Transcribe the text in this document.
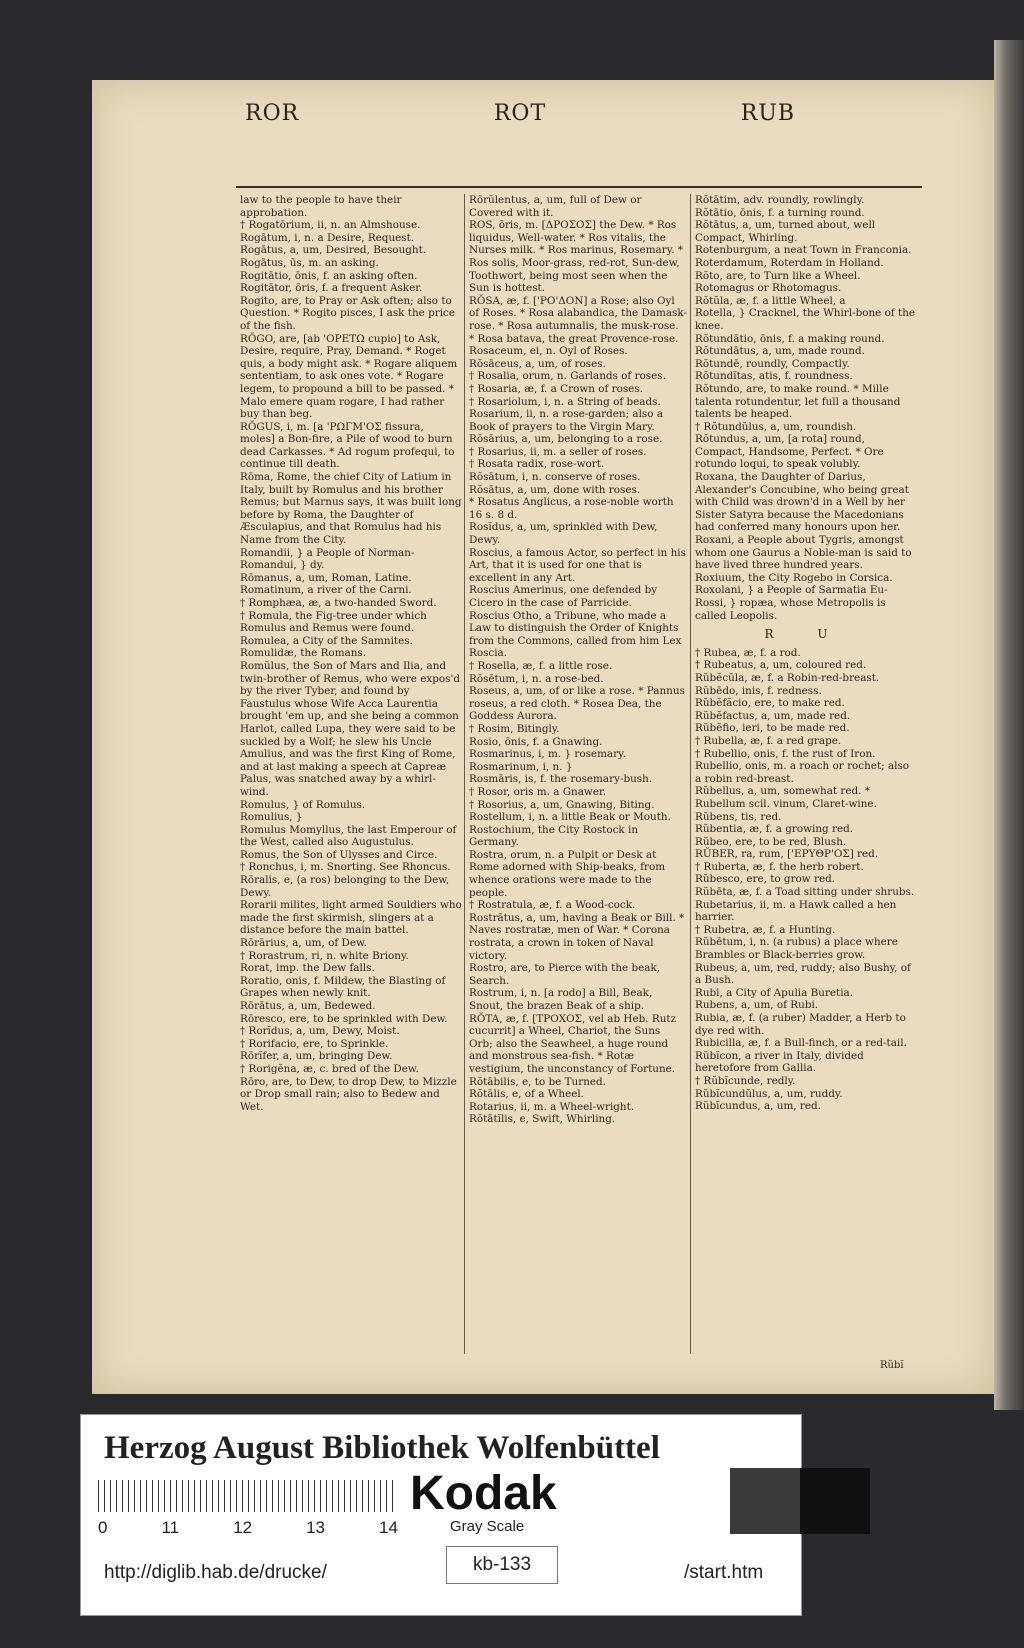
ROR	ROT	RUB

law to the people to have their approbation.

† Rogatōrium, ii, n. an Almshouse.

Rogātum, i, n. a Desire, Request.

Rogātus, a, um, Desired, Besought.

Rogātus, ūs, m. an asking.

Rogitātio, ōnis, f. an asking often.

Rogitātor, ōris, f. a frequent Asker.

Rogito, are, to Pray or Ask often; also to Question. * Rogito pisces, I ask the price of the fish.

RŎGO, are, [ab 'OPETΩ cupio] to Ask, Desire, require, Pray, Demand. * Roget quis, a body might ask. * Rogare aliquem sententiam, to ask ones vote. * Rogare legem, to propound a bill to be passed. * Malo emere quam rogare, I had rather buy than beg.

RŎGUS, i, m. [a 'PΩΓΜ'ΟΣ fissura, moles] a Bon-fire, a Pile of wood to burn dead Carkasses. * Ad rogum profequi, to continue till death.

Rōma, Rome, the chief City of Latium in Italy, built by Romulus and his brother Remus; but Marnus says, it was built long before by Roma, the Daughter of Æsculapius, and that Romulus had his Name from the City.

Romandii, } a People of Norman-

Romandui, } dy.

Rōmanus, a, um, Roman, Latine.

Romatinum, a river of the Carni.

† Romphæa, æ, a two-handed Sword.

† Romula, the Fig-tree under which Romulus and Remus were found.

Romulea, a City of the Samnites.

Romulidæ, the Romans.

Romŭlus, the Son of Mars and Ilia, and twin-brother of Remus, who were expos'd by the river Tyber, and found by Faustulus whose Wife Acca Laurentia brought 'em up, and she being a common Harlot, called Lupa, they were said to be suckled by a Wolf; he slew his Uncle Amulius, and was the first King of Rome, and at last making a speech at Capreæ Palus, was snatched away by a whirl-wind.

Romulus, } of Romulus.

Romulius, }

Romulus Momyllus, the last Emperour of the West, called also Augustulus.

Romus, the Son of Ulysses and Circe.

† Ronchus, i, m. Snorting. See Rhoncus.

Rōralis, e, (a ros) belonging to the Dew, Dewy.

Rorarii milites, light armed Souldiers who made the first skirmish, slingers at a distance before the main battel.

Rōrārius, a, um, of Dew.

† Rorastrum, ri, n. white Briony.

Rorat, imp. the Dew falls.

Roratio, onis, f. Mildew, the Blasting of Grapes when newly knit.

Rōrātus, a, um, Bedewed.

Rōresco, ere, to be sprinkled with Dew.

† Rorĭdus, a, um, Dewy, Moist.

† Rorifacio, ere, to Sprinkle.

Rōrĭfer, a, um, bringing Dew.

† Rorigĕna, æ, c. bred of the Dew.

Rōro, are, to Dew, to drop Dew, to Mizzle or Drop small rain; also to Bedew and Wet.

Rōrŭlentus, a, um, full of Dew or Covered with it.

ROS, ōris, m. [ΔΡΟΣΟΣ] the Dew. * Ros liquidus, Well-water. * Ros vitalis, the Nurses milk. * Ros marinus, Rosemary. * Ros solis, Moor-grass, red-rot, Sun-dew, Toothwort, being most seen when the Sun is hottest.

RŎSA, æ, f. ['PO'ΔΟΝ] a Rose; also Oyl of Roses. * Rosa alabandica, the Damask-rose. * Rosa autumnalis, the musk-rose. * Rosa batava, the great Provence-rose.

Rosaceum, ei, n. Oyl of Roses.

Rŏsāceus, a, um, of roses.

† Rosalia, orum, n. Garlands of roses.

† Rosaria, æ, f. a Crown of roses.

† Rosariolum, i, n. a String of beads.

Rosarium, ii, n. a rose-garden; also a Book of prayers to the Virgin Mary.

Rŏsārius, a, um, belonging to a rose.

† Rosarius, ii, m. a seller of roses.

† Rosata radix, rose-wort.

Rŏsātum, i, n. conserve of roses.

Rŏsātus, a, um, done with roses.

* Rosatus Anglicus, a rose-noble worth 16 s. 8 d.

Rosĭdus, a, um, sprinkled with Dew, Dewy.

Roscius, a famous Actor, so perfect in his Art, that it is used for one that is excellent in any Art.

Roscius Amerinus, one defended by Cicero in the case of Parricide.

Roscius Otho, a Tribune, who made a Law to distinguish the Order of Knights from the Commons, called from him Lex Roscia.

† Rosella, æ, f. a little rose.

Rŏsētum, i, n. a rose-bed.

Roseus, a, um, of or like a rose. * Pannus roseus, a red cloth. * Rosea Dea, the Goddess Aurora.

† Rosim, Bitingly.

Rosio, ōnis, f. a Gnawing.

Rosmarinus, i, m. } rosemary.

Rosmarinum, i, n. }

Rosmāris, is, f. the rosemary-bush.

† Rosor, oris m. a Gnawer.

† Rosorius, a, um, Gnawing, Biting.

Rostellum, i, n. a little Beak or Mouth.

Rostochium, the City Rostock in Germany.

Rostra, orum, n. a Pulpit or Desk at Rome adorned with Ship-beaks, from whence orations were made to the people.

† Rostratula, æ, f. a Wood-cock.

Rostrātus, a, um, having a Beak or Bill. * Naves rostratæ, men of War. * Corona rostrata, a crown in token of Naval victory.

Rostro, are, to Pierce with the beak, Search.

Rostrum, i, n. [a rodo] a Bill, Beak, Snout, the brazen Beak of a ship.

RŎTA, æ, f. [ΤΡΟΧΟΣ, vel ab Heb. Rutz cucurrit] a Wheel, Chariot, the Suns Orb; also the Seawheel, a huge round and monstrous sea-fish. * Rotæ vestigium, the unconstancy of Fortune.

Rŏtābilis, e, to be Turned.

Rŏtālis, e, of a Wheel.

Rotarius, ii, m. a Wheel-wright.

Rŏtātĭlis, e, Swift, Whirling.

Rŏtātim, adv. roundly, rowlingly.

Rŏtātio, ōnis, f. a turning round.

Rŏtātus, a, um, turned about, well Compact, Whirling.

Rotenburgum, a neat Town in Franconia.

Roterdamum, Roterdam in Holland.

Rŏto, are, to Turn like a Wheel.

Rotomagus or Rhotomagus.

Rŏtŭla, æ, f. a little Wheel, a

Rotella, } Cracknel, the Whirl-bone of the knee.

Rŏtundātio, ōnis, f. a making round.

Rŏtundātus, a, um, made round.

Rŏtundē, roundly, Compactly.

Rŏtundĭtas, atis, f. roundness.

Rŏtundo, are, to make round. * Mille talenta rotundentur, let full a thousand talents be heaped.

† Rŏtundŭlus, a, um, roundish.

Rŏtundus, a, um, [a rota] round, Compact, Handsome, Perfect. * Ore rotundo loqui, to speak volubly.

Roxana, the Daughter of Darius, Alexander's Concubine, who being great with Child was drown'd in a Well by her Sister Satyra because the Macedonians had conferred many honours upon her.

Roxani, a People about Tygris, amongst whom one Gaurus a Noble-man is said to have lived three hundred years.

Roxiuum, the City Rogebo in Corsica.

Roxolani, } a People of Sarmatia Eu-

Rossi, } ropæa, whose Metropolis is called Leopolis.

R U

† Rubea, æ, f. a rod.

† Rubeatus, a, um, coloured red.

Rŭbĕcŭla, æ, f. a Robin-red-breast.

Rŭbēdo, inis, f. redness.

Rŭbĕfăcio, ere, to make red.

Rŭbĕfactus, a, um, made red.

Rŭbĕfio, ieri, to be made red.

† Rubella, æ, f. a red grape.

† Rubellio, onis, f. the rust of Iron.

Rubellio, onis, m. a roach or rochet; also a robin red-breast.

Rŭbellus, a, um, somewhat red. * Rubellum scil. vinum, Claret-wine.

Rŭbens, tis, red.

Rŭbentia, æ, f. a growing red.

Rŭbeo, ere, to be red, Blush.

RŬBER, ra, rum, ['EPΥΘΡ'ΟΣ] red.

† Ruberta, æ, f. the herb robert.

Rŭbesco, ere, to grow red.

Rŭbēta, æ, f. a Toad sitting under shrubs.

Rubetarius, ii, m. a Hawk called a hen harrier.

† Rubetra, æ, f. a Hunting.

Rŭbētum, i, n. (a rubus) a place where Brambles or Black-berries grow.

Rubeus, a, um, red, ruddy; also Bushy, of a Bush.

Rubi, a City of Apulia Buretia.

Rubens, a, um, of Rubi.

Rubia, æ, f. (a ruber) Madder, a Herb to dye red with.

Rubicilla, æ, f. a Bull-finch, or a red-tail.

Rŭbĭcon, a river in Italy, divided heretofore from Gallia.

† Rŭbĭcunde, redly.

Rŭbĭcundŭlus, a, um, ruddy.

Rŭbĭcundus, a, um, red.

Rŭbĭ
Herzog August Bibliothek Wolfenbüttel
0	11	12	13	14
Kodak
Gray Scale
http://diglib.hab.de/drucke/	kb-133	/start.htm
